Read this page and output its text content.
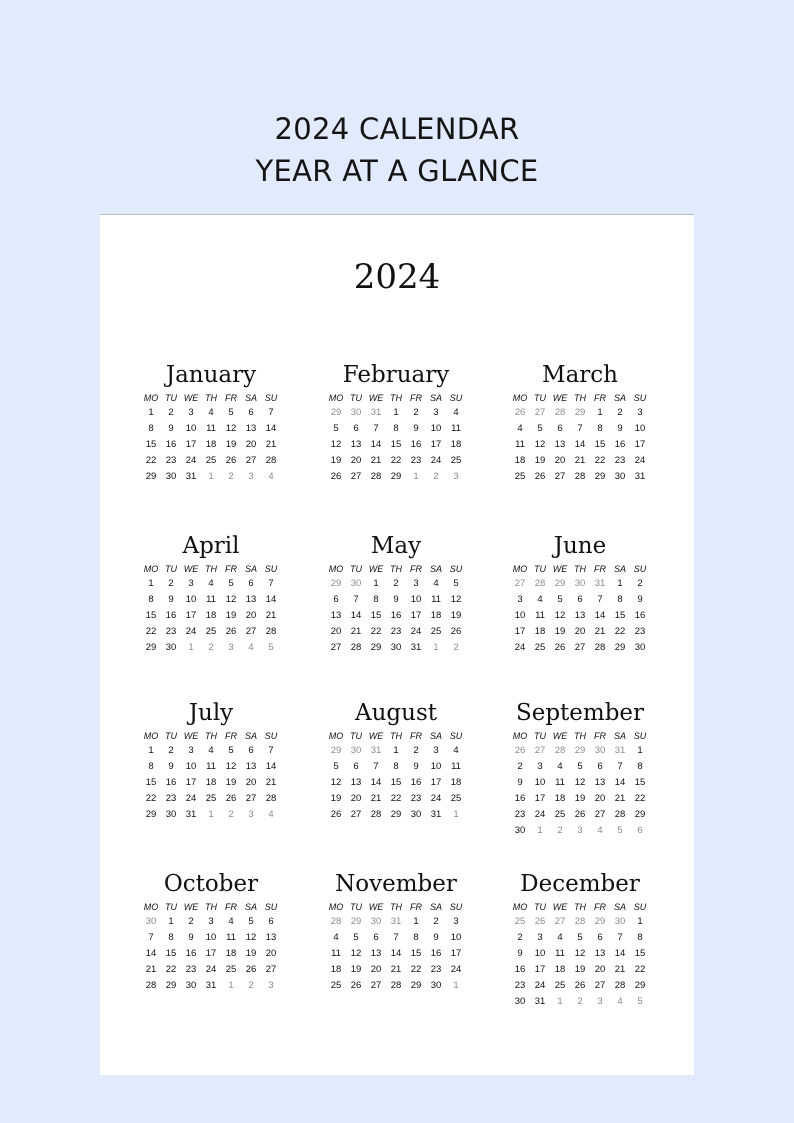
2024 CALENDAR
YEAR AT A GLANCE
2024
January
MO TU WE TH FR SA SU
1	2	3	4	5	6	7
8	9	10	11	12 13 14
15 16 17 18 19 20 21
22 23 24 25 26 27 28
29 30 31	1	2	3	4
February
MO TU WE TH FR SA SU
29 30 31	1	2	3	4
5	6	7	8	9	10	11
12 13 14 15 16 17 18
19 20 21 22 23 24 25
26 27 28 29	1	2	3
March
MO TU WE TH FR SA SU
26 27 28 29	1	2	3
4	5	6	7	8	9	10
11	12 13 14 15 16 17
18 19 20 21 22 23 24
25 26 27 28 29 30 31
April
MO TU WE TH FR SA SU
1	2	3	4	5	6	7
8	9	10	11	12 13 14
15 16 17 18 19 20 21
22 23 24 25 26 27 28
29 30	1	2	3	4	5
May
MO TU WE TH FR SA SU
29 30	1	2	3	4	5
6	7	8	9	10	11	12
13 14 15 16 17 18 19
20 21 22 23 24 25 26
27 28 29 30 31	1	2
June
MO TU WE TH FR SA SU
27 28 29 30 31	1	2
3	4	5	6	7	8	9
10	11	12 13 14 15 16
17 18 19 20 21 22 23
24 25 26 27 28 29 30
July
MO TU WE TH FR SA SU
1	2	3	4	5	6	7
8	9	10	11	12 13 14
15 16 17 18 19 20 21
22 23 24 25 26 27 28
29 30 31	1	2	3	4
August
MO TU WE TH FR SA SU
29 30 31	1	2	3	4
5	6	7	8	9	10	11
12 13 14 15 16 17 18
19 20 21 22 23 24 25
26 27 28 29 30 31	1
September
MO TU WE TH FR SA SU
26 27 28 29 30 31	1
2	3	4	5	6	7	8
9	10	11	12 13 14 15
16 17 18 19 20 21 22
23 24 25 26 27 28 29
30	1	2	3	4	5	6
October
MO TU WE TH FR SA SU
30	1	2	3	4	5	6
7	8	9	10	11	12 13
14 15 16 17 18 19 20
21 22 23 24 25 26 27
28 29 30 31	1	2	3
November
MO TU WE TH FR SA SU
28 29 30 31	1	2	3
4	5	6	7	8	9	10
11	12 13 14 15 16 17
18 19 20 21 22 23 24
25 26 27 28 29 30	1
December
MO TU WE TH FR SA SU
25 26 27 28 29 30	1
2	3	4	5	6	7	8
9	10	11	12 13 14 15
16 17 18 19 20 21 22
23 24 25 26 27 28 29
30 31	1	2	3	4	5
